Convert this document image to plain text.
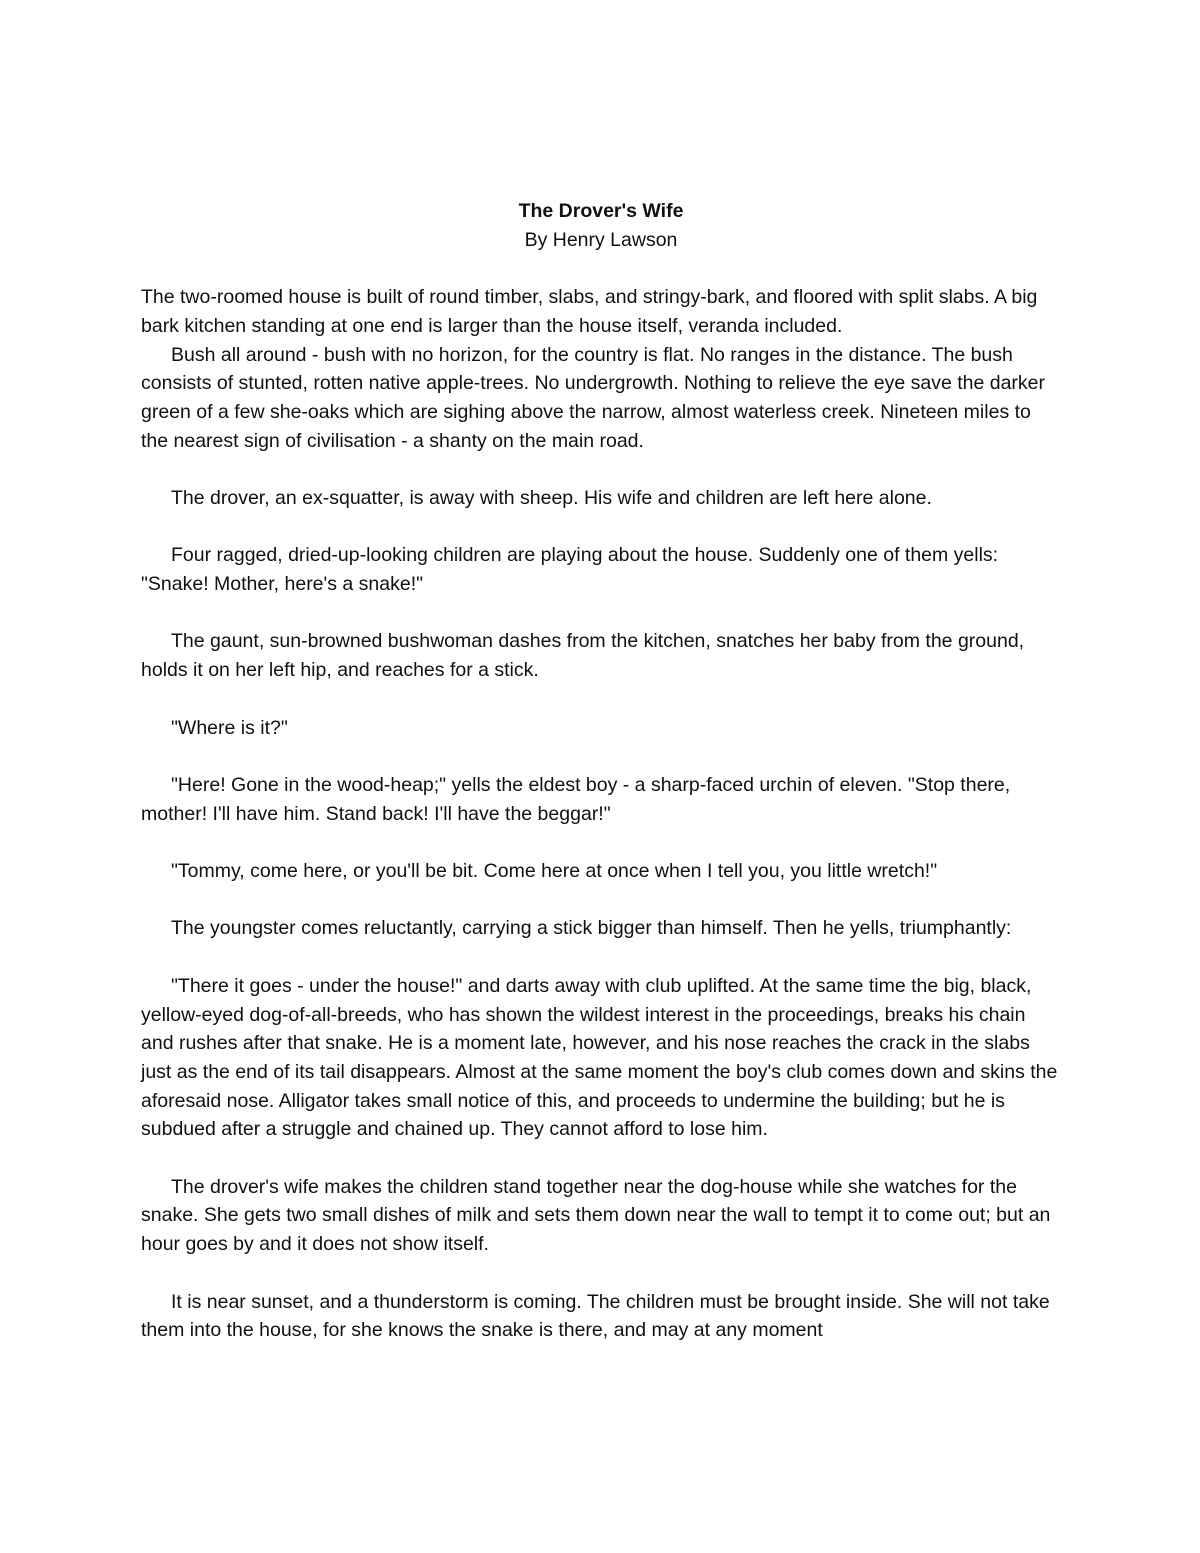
The Drover's Wife

By Henry Lawson

The two-roomed house is built of round timber, slabs, and stringy-bark, and floored with split slabs. A big bark kitchen standing at one end is larger than the house itself, veranda included.

Bush all around - bush with no horizon, for the country is flat. No ranges in the distance. The bush consists of stunted, rotten native apple-trees. No undergrowth. Nothing to relieve the eye save the darker green of a few she-oaks which are sighing above the narrow, almost waterless creek. Nineteen miles to the nearest sign of civilisation - a shanty on the main road.

The drover, an ex-squatter, is away with sheep. His wife and children are left here alone.

Four ragged, dried-up-looking children are playing about the house. Suddenly one of them yells: "Snake! Mother, here's a snake!"

The gaunt, sun-browned bushwoman dashes from the kitchen, snatches her baby from the ground, holds it on her left hip, and reaches for a stick.

"Where is it?"

"Here! Gone in the wood-heap;" yells the eldest boy - a sharp-faced urchin of eleven. "Stop there, mother! I'll have him. Stand back! I'll have the beggar!"

"Tommy, come here, or you'll be bit. Come here at once when I tell you, you little wretch!"

The youngster comes reluctantly, carrying a stick bigger than himself. Then he yells, triumphantly:

"There it goes - under the house!" and darts away with club uplifted. At the same time the big, black, yellow-eyed dog-of-all-breeds, who has shown the wildest interest in the proceedings, breaks his chain and rushes after that snake. He is a moment late, however, and his nose reaches the crack in the slabs just as the end of its tail disappears. Almost at the same moment the boy's club comes down and skins the aforesaid nose. Alligator takes small notice of this, and proceeds to undermine the building; but he is subdued after a struggle and chained up. They cannot afford to lose him.

The drover's wife makes the children stand together near the dog-house while she watches for the snake. She gets two small dishes of milk and sets them down near the wall to tempt it to come out; but an hour goes by and it does not show itself.

It is near sunset, and a thunderstorm is coming. The children must be brought inside. She will not take them into the house, for she knows the snake is there, and may at any moment
